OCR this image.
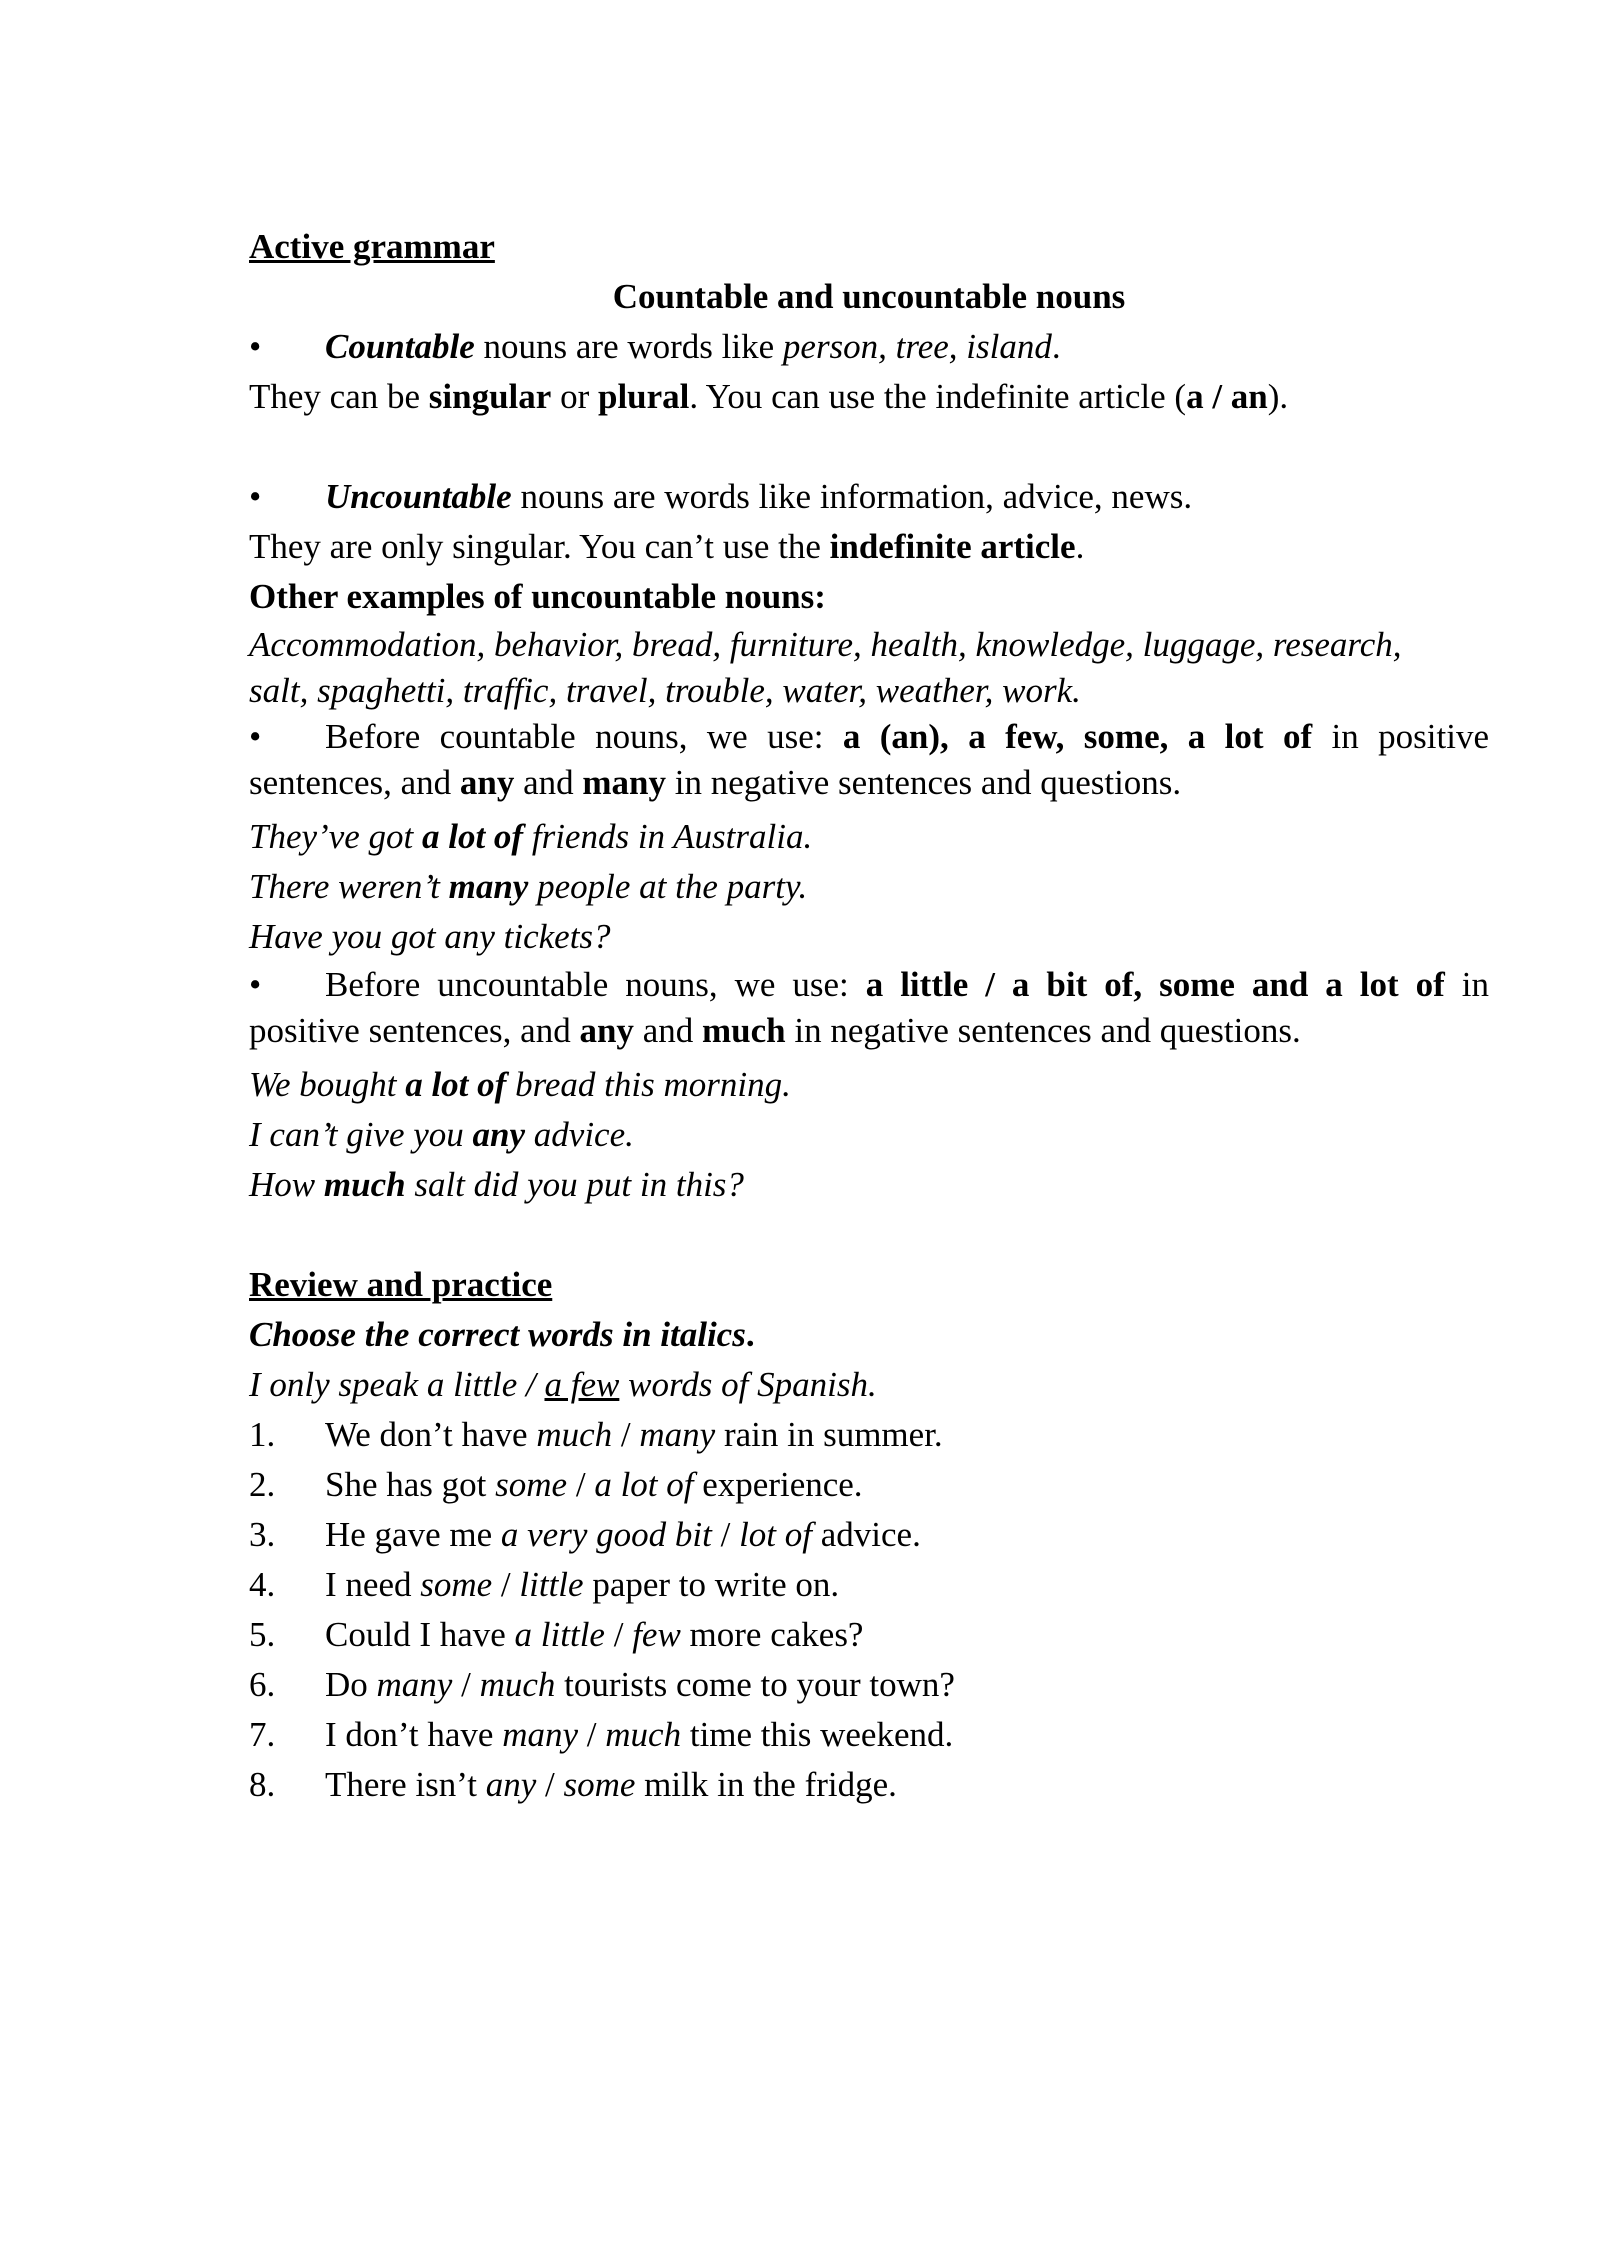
Active grammar
Countable and uncountable nouns
•	Countable nouns are words like person, tree, island.
They can be singular or plural. You can use the indefinite article (a / an).
•	Uncountable nouns are words like information, advice, news.
They are only singular. You can’t use the indefinite article.
Other examples of uncountable nouns:
Accommodation, behavior, bread, furniture, health, knowledge, luggage, research,
salt, spaghetti, traffic, travel, trouble, water, weather, work.
•	Before countable nouns, we use: a (an), a few, some, a lot of in positive
sentences, and any and many in negative sentences and questions.
They’ve got a lot of friends in Australia.
There weren’t many people at the party.
Have you got any tickets?
•	Before uncountable nouns, we use: a little / a bit of, some and a lot of in
positive sentences, and any and much in negative sentences and questions.
We bought a lot of bread this morning.
I can’t give you any advice.
How much salt did you put in this?
Review and practice
Choose the correct words in italics.
I only speak a little / a few words of Spanish.
1. We don’t have much / many rain in summer.
2. She has got some / a lot of experience.
3. He gave me a very good bit / lot of advice.
4. I need some / little paper to write on.
5. Could I have a little / few more cakes?
6. Do many / much tourists come to your town?
7. I don’t have many / much time this weekend.
8. There isn’t any / some milk in the fridge.
